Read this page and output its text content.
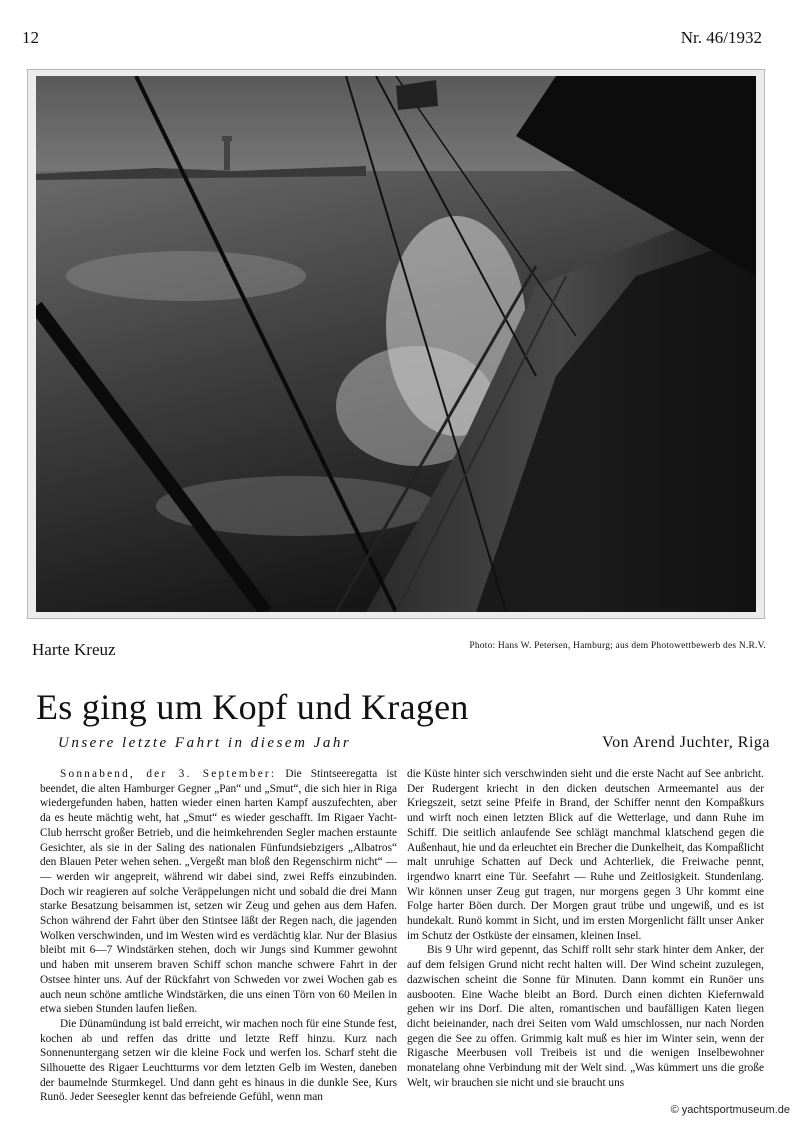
12	Nr. 46/1932
Harte Kreuz	Photo: Hans W. Petersen, Hamburg; aus dem Photowettbewerb des N.R.V.
Es ging um Kopf und Kragen
Unsere letzte Fahrt in diesem Jahr	Von Arend Juchter, Riga

Sonnabend, der 3. September: Die Stintseeregatta ist beendet, die alten Hamburger Gegner „Pan“ und „Smut“, die sich hier in Riga wiedergefunden haben, hatten wieder einen harten Kampf auszufechten, aber da es heute mächtig weht, hat „Smut“ es wieder geschafft. Im Rigaer Yacht-Club herrscht großer Betrieb, und die heimkehrenden Segler machen erstaunte Gesichter, als sie in der Saling des nationalen Fünfundsiebzigers „Albatros“ den Blauen Peter wehen sehen. „Vergeßt man bloß den Regenschirm nicht“ — — werden wir angepreit, während wir dabei sind, zwei Reffs einzubinden. Doch wir reagieren auf solche Veräppelungen nicht und sobald die drei Mann starke Besatzung beisammen ist, setzen wir Zeug und gehen aus dem Hafen. Schon während der Fahrt über den Stintsee läßt der Regen nach, die jagenden Wolken verschwinden, und im Westen wird es verdächtig klar. Nur der Blasius bleibt mit 6—7 Windstärken stehen, doch wir Jungs sind Kummer gewohnt und haben mit unserem braven Schiff schon manche schwere Fahrt in der Ostsee hinter uns. Auf der Rückfahrt von Schweden vor zwei Wochen gab es auch neun schöne amtliche Windstärken, die uns einen Törn von 60 Meilen in etwa sieben Stunden laufen ließen.

Die Dünamündung ist bald erreicht, wir machen noch für eine Stunde fest, kochen ab und reffen das dritte und letzte Reff hinzu. Kurz nach Sonnenuntergang setzen wir die kleine Fock und werfen los. Scharf steht die Silhouette des Rigaer Leuchtturms vor dem letzten Gelb im Westen, daneben der baumelnde Sturmkegel. Und dann geht es hinaus in die dunkle See, Kurs Runö. Jeder Seesegler kennt das befreiende Gefühl, wenn man

die Küste hinter sich verschwinden sieht und die erste Nacht auf See anbricht. Der Rudergent kriecht in den dicken deutschen Armeemantel aus der Kriegszeit, setzt seine Pfeife in Brand, der Schiffer nennt den Kompaßkurs und wirft noch einen letzten Blick auf die Wetterlage, und dann Ruhe im Schiff. Die seitlich anlaufende See schlägt manchmal klatschend gegen die Außenhaut, hie und da erleuchtet ein Brecher die Dunkelheit, das Kompaßlicht malt unruhige Schatten auf Deck und Achterliek, die Freiwache pennt, irgendwo knarrt eine Tür. Seefahrt — Ruhe und Zeitlosigkeit. Stundenlang. Wir können unser Zeug gut tragen, nur morgens gegen 3 Uhr kommt eine Folge harter Böen durch. Der Morgen graut trübe und ungewiß, und es ist hundekalt. Runö kommt in Sicht, und im ersten Morgenlicht fällt unser Anker im Schutz der Ostküste der einsamen, kleinen Insel.

Bis 9 Uhr wird gepennt, das Schiff rollt sehr stark hinter dem Anker, der auf dem felsigen Grund nicht recht halten will. Der Wind scheint zuzulegen, dazwischen scheint die Sonne für Minuten. Dann kommt ein Runöer uns ausbooten. Eine Wache bleibt an Bord. Durch einen dichten Kiefernwald gehen wir ins Dorf. Die alten, romantischen und baufälligen Katen liegen dicht beieinander, nach drei Seiten vom Wald umschlossen, nur nach Norden gegen die See zu offen. Grimmig kalt muß es hier im Winter sein, wenn der Rigasche Meerbusen voll Treibeis ist und die wenigen Inselbewohner monatelang ohne Verbindung mit der Welt sind. „Was kümmert uns die große Welt, wir brauchen sie nicht und sie braucht uns

© yachtsportmuseum.de
